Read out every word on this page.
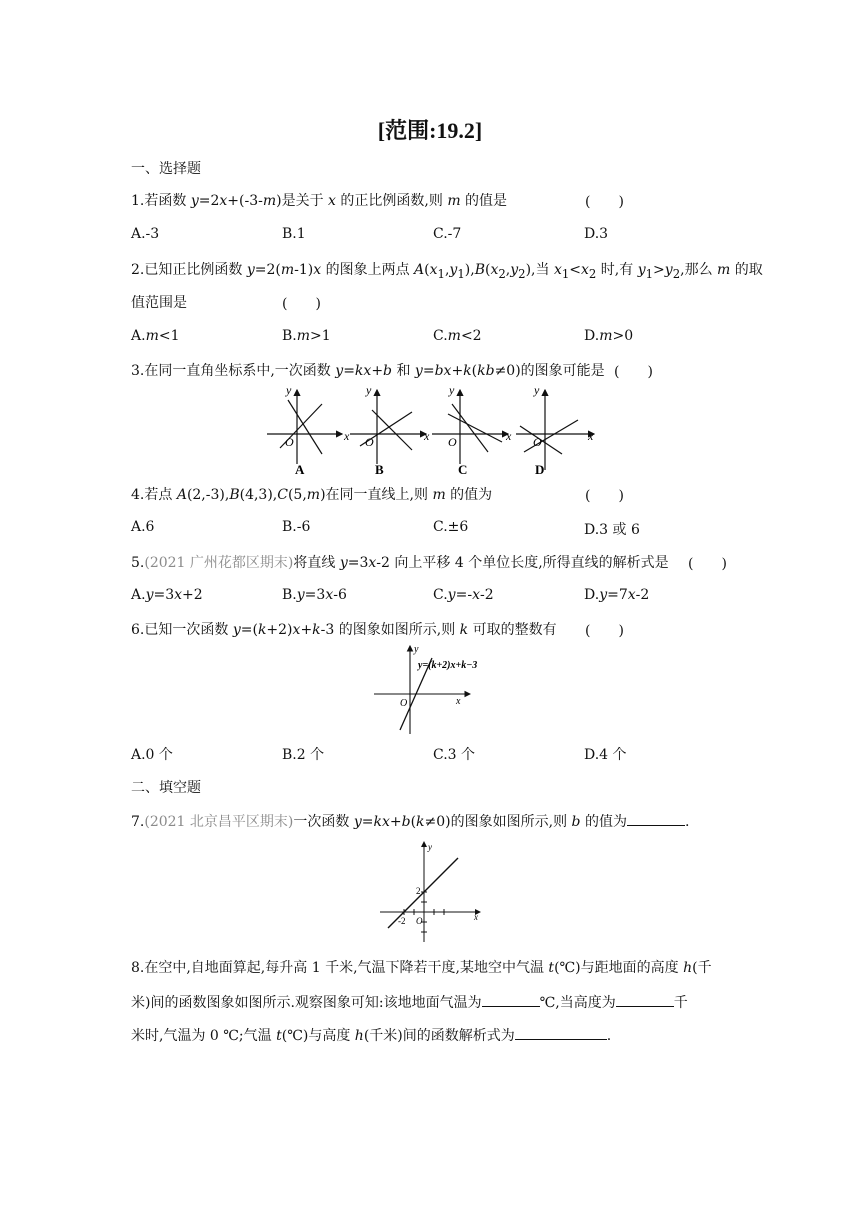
[范围:19.2]
一、选择题
1.若函数 y=2x+(-3-m)是关于 x 的正比例函数,则 m 的值是	(　　)
A.-3	B.1	C.-7	D.3
2.已知正比例函数 y=2(m-1)x 的图象上两点 $A(x_1,y_1),B(x_2,y_2)$,当 $x_1<x_2$ 时,有 $y_1>y_2$,那么 m 的取
值范围是	(　　)
A.m<1	B.m>1	C.m<2	D.m>0
3.在同一直角坐标系中,一次函数 y=kx+b 和 y=bx+k(kb≠0)的图象可能是 (　　)
O	x
y
A
O	x
y
B
O	x
y
C
O	x
y
D
4.若点 A(2,-3),B(4,3),C(5,m)在同一直线上,则 m 的值为	(　　)
A.6	B.-6	C.±6	D.3 或 6
5.(2021 广州花都区期末)将直线 y=3x-2 向上平移 4 个单位长度,所得直线的解析式是 (　　)
A.y=3x+2	B.y=3x-6	C.y=-x-2	D.y=7x-2
6.已知一次函数 y=(k+2)x+k-3 的图象如图所示,则 k 可取的整数有 (　　)
y
y=(k+2)x+k−3
O	x
A.0 个	B.2 个	C.3 个	D.4 个
二、填空题
7.(2021 北京昌平区期末)一次函数 y=kx+b(k≠0)的图象如图所示,则 b 的值为	.
2
-2 O	x
y
8.在空中,自地面算起,每升高 1 千米,气温下降若干度,某地空中气温 t(℃)与距地面的高度 h(千
米)间的函数图象如图所示.观察图象可知:该地地面气温为	℃,当高度为	千
米时,气温为 0 ℃;气温 t(℃)与高度 h(千米)间的函数解析式为	.
